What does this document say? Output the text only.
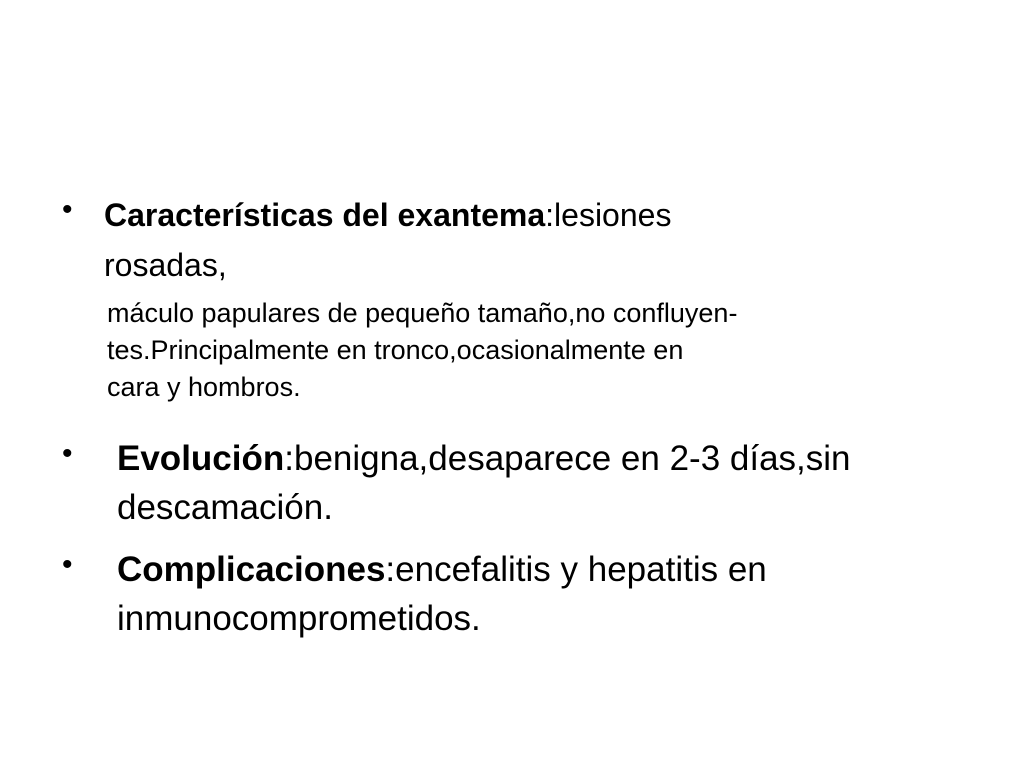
• Características del exantema:lesiones
rosadas,
máculo papulares de pequeño tamaño,no confluyen-
tes.Principalmente en tronco,ocasionalmente en
cara y hombros.
•	Evolución:benigna,desaparece en 2-3 días,sin
descamación.
•	Complicaciones:encefalitis y hepatitis en
inmunocomprometidos.
